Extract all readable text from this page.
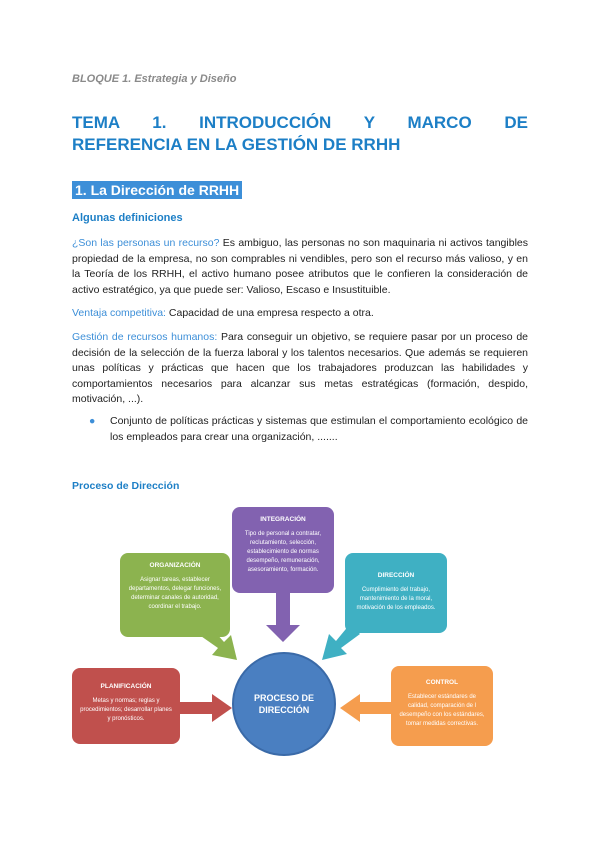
BLOQUE 1. Estrategia y Diseño
TEMA 1. INTRODUCCIÓN Y MARCO DE
REFERENCIA EN LA GESTIÓN DE RRHH
1. La Dirección de RRHH
Algunas definiciones
¿Son las personas un recurso? Es ambiguo, las personas no son maquinaria ni activos tangibles propiedad de la empresa, no son comprables ni vendibles, pero son el recurso más valioso, y en la Teoría de los RRHH, el activo humano posee atributos que le confieren la consideración de activo estratégico, ya que puede ser: Valioso, Escaso e Insustituible.
Ventaja competitiva: Capacidad de una empresa respecto a otra.
Gestión de recursos humanos: Para conseguir un objetivo, se requiere pasar por un proceso de decisión de la selección de la fuerza laboral y los talentos necesarios. Que además se requieren unas políticas y prácticas que hacen que los trabajadores produzcan las habilidades y comportamientos necesarios para alcanzar sus metas estratégicas (formación, despido, motivación, ...).
●	Conjunto de políticas prácticas y sistemas que estimulan el comportamiento ecológico de los empleados para crear una organización, .......
Proceso de Dirección
INTEGRACIÓN
Tipo de personal a contratar, reclutamiento, selección, establecimiento de normas desempeño, remuneración, asesoramiento, formación.
ORGANIZACIÓN
Asignar tareas, establecer departamentos, delegar funciones, determinar canales de autoridad, coordinar el trabajo.
DIRECCIÓN
Cumplimiento del trabajo, mantenimiento de la moral, motivación de los empleados.
PLANIFICACIÓN
Metas y normas; reglas y procedimientos; desarrollar planes y pronósticos.
CONTROL
Establecer estándares de calidad, comparación de l desempeño con los estándares, tomar medidas correctivas.
PROCESO DE DIRECCIÓN
